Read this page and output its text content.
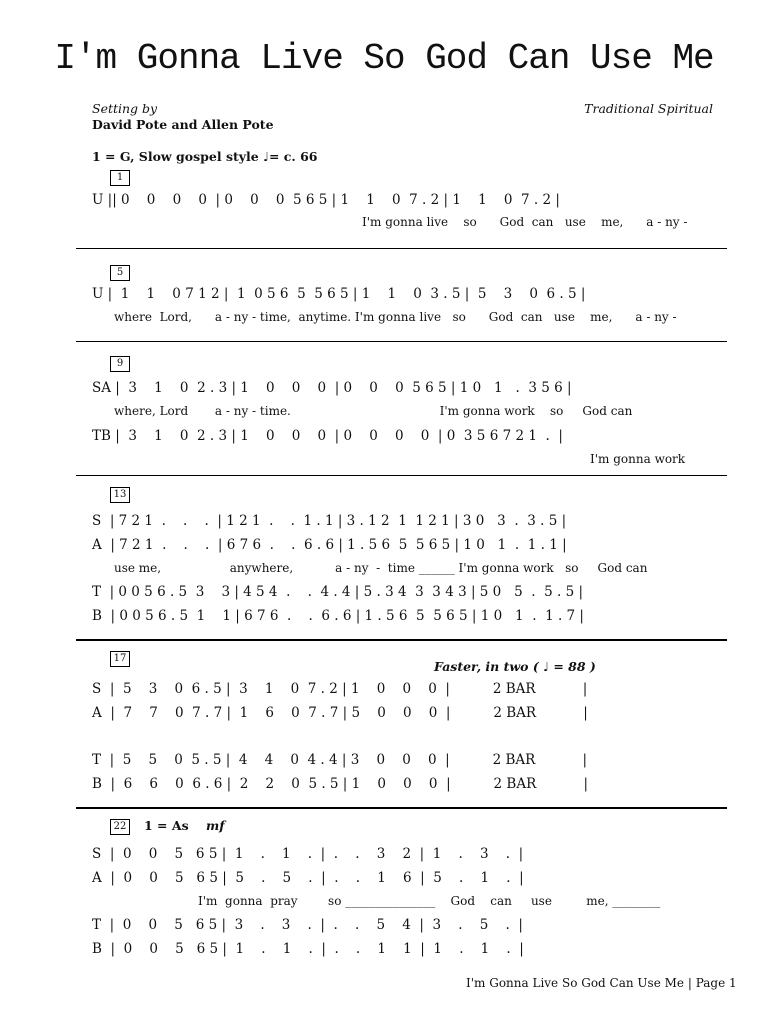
I'm Gonna Live So God Can Use Me
Setting by
David Pote and Allen Pote
Traditional Spiritual
1 = G, Slow gospel style ♩= c. 66
1
U || 0    0    0    0  | 0    0    0  5 6 5 | 1    1    0  7 . 2 | 1    1    0  7 . 2 |
I'm gonna live    so      God  can   use    me,      a - ny -
5
U |  1    1    0 7 1 2 |  1  0 5 6  5  5 6 5 | 1    1    0  3 . 5 |  5    3    0  6 . 5 |
where  Lord,      a - ny - time,  anytime. I'm gonna live   so      God  can   use    me,      a - ny -
9
SA |  3    1    0  2 . 3 | 1    0    0    0  | 0    0    0  5 6 5 | 1 0   1   .  3 5 6 |
where, Lord       a - ny - time.                                       I'm gonna work    so     God can
TB |  3    1    0  2 . 3 | 1    0    0    0  | 0    0    0    0  | 0  3 5 6 7 2 1  .  |
I'm gonna work
13
S  | 7 2 1  .    .    .  | 1 2 1  .    .  1 . 1 | 3 . 1 2  1  1 2 1 | 3 0   3  .  3 . 5 |
A  | 7 2 1  .    .    .  | 6 7 6  .    .  6 . 6 | 1 . 5 6  5  5 6 5 | 1 0   1  .  1 . 1 |
use me,                  anywhere,           a - ny  -  time ______ I'm gonna work   so     God can
T  | 0 0 5 6 . 5  3    3 | 4 5 4  .    .  4 . 4 | 5 . 3 4  3  3 4 3 | 5 0   5  .  5 . 5 |
B  | 0 0 5 6 . 5  1    1 | 6 7 6  .    .  6 . 6 | 1 . 5 6  5  5 6 5 | 1 0   1  .  1 . 7 |
17
Faster, in two ( ♩ = 88 )
S  |  5    3    0  6 . 5 |  3    1    0  7 . 2 | 1    0    0    0  |          2 BAR           |
A  |  7    7    0  7 . 7 |  1    6    0  7 . 7 | 5    0    0    0  |          2 BAR           |
T  |  5    5    0  5 . 5 |  4    4    0  4 . 4 | 3    0    0    0  |          2 BAR           |
B  |  6    6    0  6 . 6 |  2    2    0  5 . 5 | 1    0    0    0  |          2 BAR           |
22 1 = As mf
S  |  0    0    5   6 5 |  1    .    1    .  |  .    .    3    2  |  1    .    3    .  |
A  |  0    0    5   6 5 |  5    .    5    .  |  .    .    1    6  |  5    .    1    .  |
I'm  gonna  pray        so _______________    God    can     use         me, ________
T  |  0    0    5   6 5 |  3    .    3    .  |  .    .    5    4  |  3    .    5    .  |
B  |  0    0    5   6 5 |  1    .    1    .  |  .    .    1    1  |  1    .    1    .  |
I'm Gonna Live So God Can Use Me | Page 1
